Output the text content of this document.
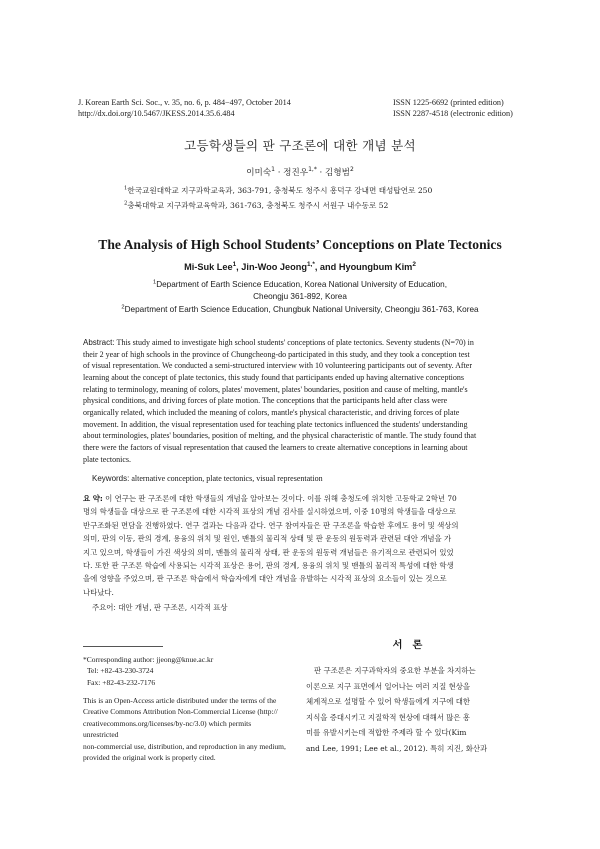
J. Korean Earth Sci. Soc., v. 35, no. 6, p. 484−497, October 2014
http://dx.doi.org/10.5467/JKESS.2014.35.6.484
ISSN 1225-6692 (printed edition)
ISSN 2287-4518 (electronic edition)
고등학생들의 판 구조론에 대한 개념 분석
이미숙$^1$ · 정진우$^{1,*}$ · 김형범$^2$
$^1$한국교원대학교 지구과학교육과, 363-791, 충청북도 청주시 흥덕구 강내면 태성탑연로 250
$^2$충북대학교 지구과학교육학과, 361-763, 충청북도 청주시 서원구 내수동로 52
The Analysis of High School Students’ Conceptions on Plate Tectonics
Mi-Suk Lee$^1$, Jin-Woo Jeong$^{1,*}$, and Hyoungbum Kim$^2$
$^1$Department of Earth Science Education, Korea National University of Education,
Cheongju 361-892, Korea
$^2$Department of Earth Science Education, Chungbuk National University, Cheongju 361-763, Korea
Abstract: This study aimed to investigate high school students' conceptions of plate tectonics. Seventy students (N=70) in
their 2 year of high schools in the province of Chungcheong-do participated in this study, and they took a conception test
of visual representation. We conducted a semi-structured interview with 10 volunteering participants out of seventy. After
learning about the concept of plate tectonics, this study found that participants ended up having alternative conceptions
relating to terminology, meaning of colors, plates' movement, plates' boundaries, position and cause of melting, mantle's
physical conditions, and driving forces of plate motion. The conceptions that the participants held after class were
organically related, which included the meaning of colors, mantle's physical characteristic, and driving forces of plate
movement. In addition, the visual representation used for teaching plate tectonics influenced the students' understanding
about terminologies, plates' boundaries, position of melting, and the physical characteristic of mantle. The study found that
there were the factors of visual representation that caused the learners to create alternative conceptions in learning about
plate tectonics.
Keywords: alternative conception, plate tectonics, visual representation
요 약: 이 연구는 판 구조론에 대한 학생들의 개념을 알아보는 것이다. 이를 위해 충청도에 위치한 고등학교 2학년 70
명의 학생들을 대상으로 판 구조론에 대한 시각적 표상의 개념 검사를 실시하였으며, 이중 10명의 학생들을 대상으로
반구조화된 면담을 진행하였다. 연구 결과는 다음과 같다. 연구 참여자들은 판 구조론을 학습한 후에도 용어 및 색상의
의미, 판의 이동, 판의 경계, 용융의 위치 및 원인, 맨틀의 물리적 상태 및 판 운동의 원동력과 관련된 대안 개념을 가
지고 있으며, 학생들이 가진 색상의 의미, 맨틀의 물리적 상태, 판 운동의 원동력 개념들은 유기적으로 관련되어 있었
다. 또한 판 구조론 학습에 사용되는 시각적 표상은 용어, 판의 경계, 용융의 위치 및 맨틀의 물리적 특성에 대한 학생
을에 영향을 주었으며, 판 구조론 학습에서 학습자에게 대안 개념을 유발하는 시각적 표상의 요소들이 있는 것으로
나타났다.
주요어: 대안 개념, 판 구조론, 시각적 표상
*Corresponding author: jjeong@knue.ac.kr
Tel: +82-43-230-3724
Fax: +82-43-232-7176
This is an Open-Access article distributed under the terms of the
Creative Commons Attribution Non-Commercial License (http://
creativecommons.org/licenses/by-nc/3.0) which permits unrestricted
non-commercial use, distribution, and reproduction in any medium,
provided the original work is properly cited.
서론
판 구조론은 지구과학자의 중요한 부분을 차지하는
이론으로 지구 표면에서 일어나는 여러 지질 현상을
체계적으로 설명할 수 있어 학생들에게 지구에 대한
지식을 증대시키고 지질학적 현상에 대해서 많은 흥
미를 유발시키는데 적합한 주제라 할 수 있다(Kim
and Lee, 1991; Lee et al., 2012). 특히 지진, 화산과
